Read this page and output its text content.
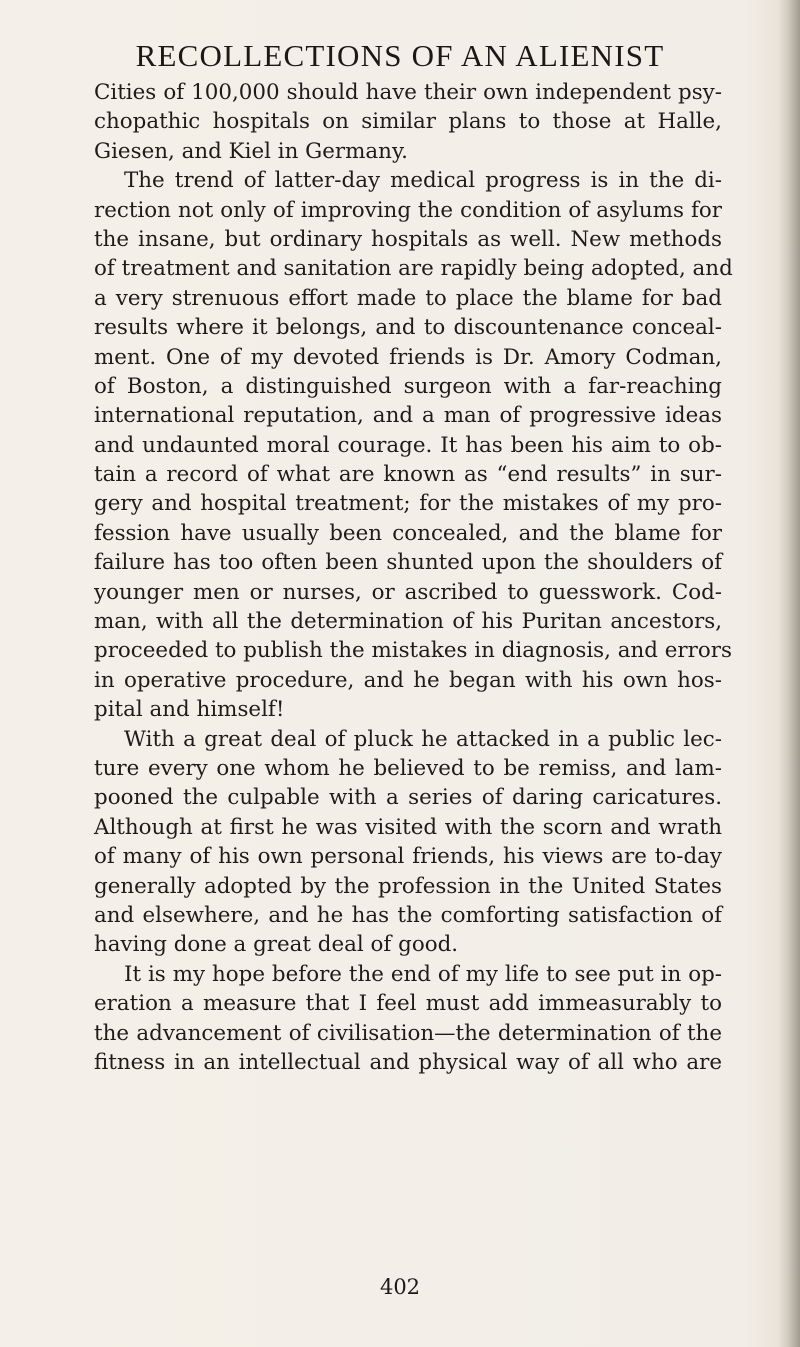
RECOLLECTIONS OF AN ALIENIST
Cities of 100,000 should have their own independent psy-
chopathic hospitals on similar plans to those at Halle,
Giesen, and Kiel in Germany.
The trend of latter-day medical progress is in the di-
rection not only of improving the condition of asylums for
the insane, but ordinary hospitals as well. New methods
of treatment and sanitation are rapidly being adopted, and
a very strenuous effort made to place the blame for bad
results where it belongs, and to discountenance conceal-
ment. One of my devoted friends is Dr. Amory Codman,
of Boston, a distinguished surgeon with a far-reaching
international reputation, and a man of progressive ideas
and undaunted moral courage. It has been his aim to ob-
tain a record of what are known as “end results” in sur-
gery and hospital treatment; for the mistakes of my pro-
fession have usually been concealed, and the blame for
failure has too often been shunted upon the shoulders of
younger men or nurses, or ascribed to guesswork. Cod-
man, with all the determination of his Puritan ancestors,
proceeded to publish the mistakes in diagnosis, and errors
in operative procedure, and he began with his own hos-
pital and himself!
With a great deal of pluck he attacked in a public lec-
ture every one whom he believed to be remiss, and lam-
pooned the culpable with a series of daring caricatures.
Although at first he was visited with the scorn and wrath
of many of his own personal friends, his views are to-day
generally adopted by the profession in the United States
and elsewhere, and he has the comforting satisfaction of
having done a great deal of good.
It is my hope before the end of my life to see put in op-
eration a measure that I feel must add immeasurably to
the advancement of civilisation—the determination of the
fitness in an intellectual and physical way of all who are
402
